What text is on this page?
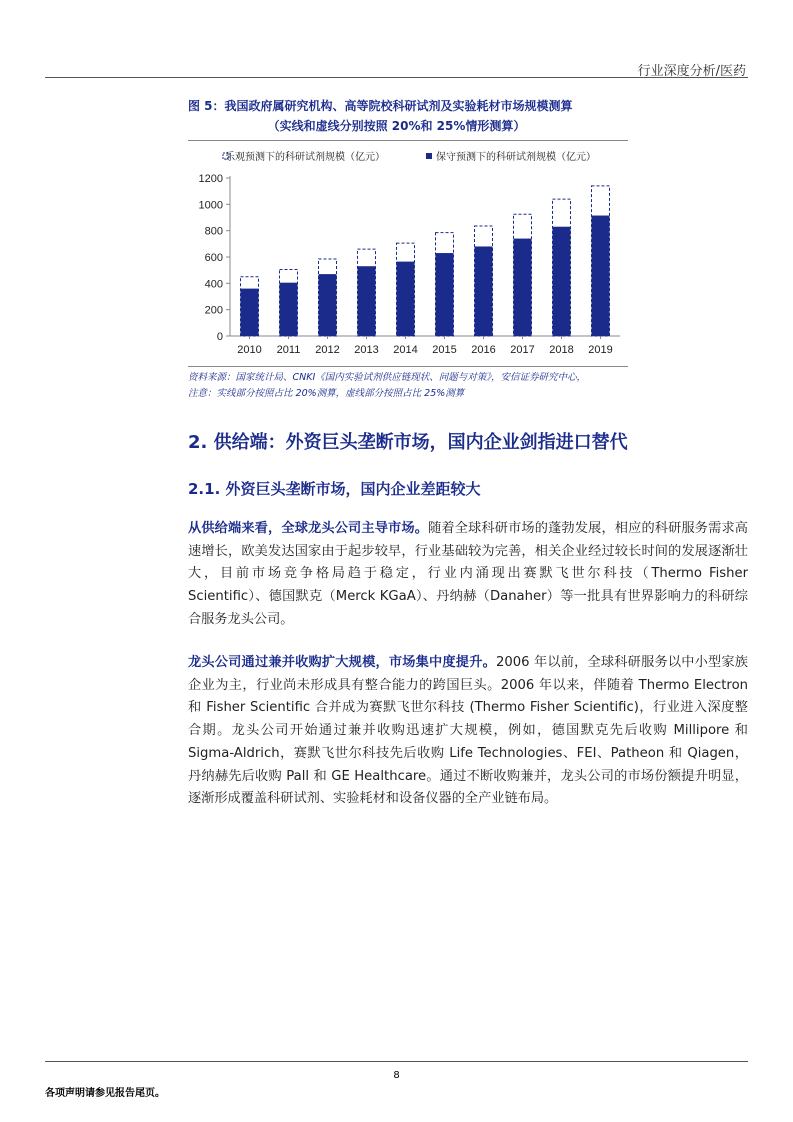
行业深度分析/医药
图 5：我国政府属研究机构、高等院校科研试剂及实验耗材市场规模测算
（实线和虚线分别按照 20%和 25%情形测算）
乐观预测下的科研试剂规模（亿元）	保守预测下的科研试剂规模（亿元）
0
200
400
600
800
1000
1200
2010 2011 2012 2013 2014 2015 2016 2017 2018 2019
资料来源：国家统计局、CNKI《国内实验试剂供应链现状、问题与对策》，安信证券研究中心，
注意：实线部分按照占比 20%测算，虚线部分按照占比 25%测算
2. 供给端：外资巨头垄断市场，国内企业剑指进口替代
2.1. 外资巨头垄断市场，国内企业差距较大
从供给端来看，全球龙头公司主导市场。随着全球科研市场的蓬勃发展，相应的科研服务需求高速增长，欧美发达国家由于起步较早，行业基础较为完善，相关企业经过较长时间的发展逐渐壮大，目前市场竞争格局趋于稳定，行业内涌现出赛默飞世尔科技（Thermo Fisher Scientific）、德国默克（Merck KGaA）、丹纳赫（Danaher）等一批具有世界影响力的科研综合服务龙头公司。
龙头公司通过兼并收购扩大规模，市场集中度提升。2006 年以前，全球科研服务以中小型家族企业为主，行业尚未形成具有整合能力的跨国巨头。2006 年以来，伴随着 Thermo Electron 和 Fisher Scientific 合并成为赛默飞世尔科技 (Thermo Fisher Scientific)，行业进入深度整合期。龙头公司开始通过兼并收购迅速扩大规模，例如，德国默克先后收购 Millipore 和 Sigma-Aldrich，赛默飞世尔科技先后收购 Life Technologies、FEI、Patheon 和 Qiagen，丹纳赫先后收购 Pall 和 GE Healthcare。通过不断收购兼并，龙头公司的市场份额提升明显，逐渐形成覆盖科研试剂、实验耗材和设备仪器的全产业链布局。
8
各项声明请参见报告尾页。
